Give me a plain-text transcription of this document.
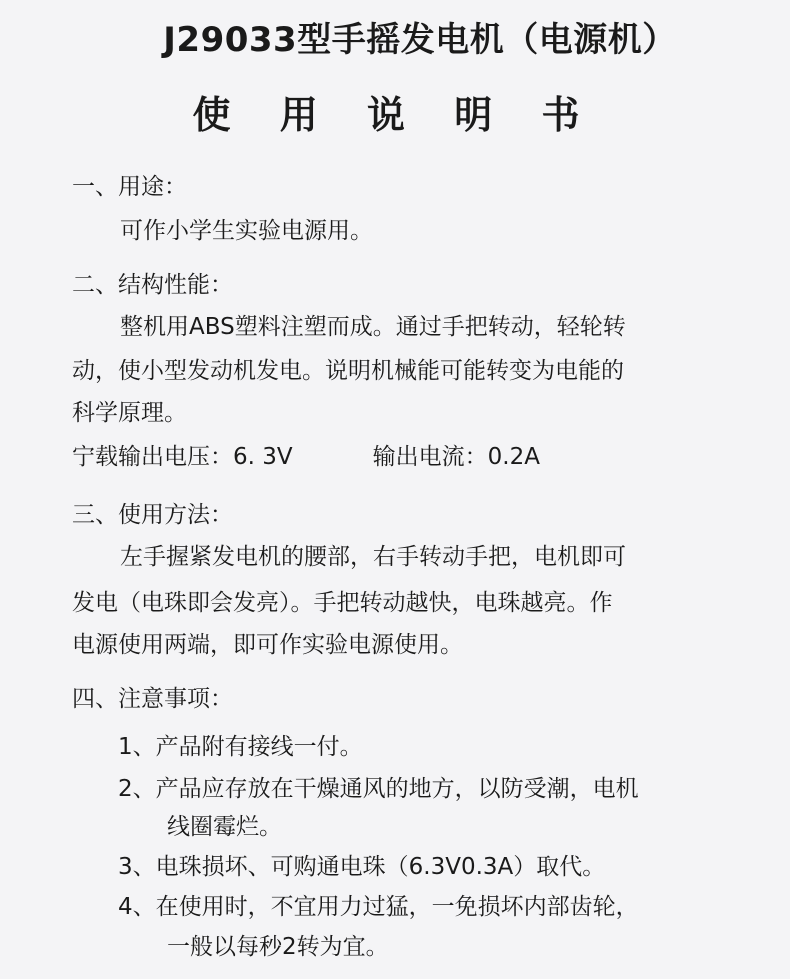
J29033型手摇发电机（电源机）
使 用 说 明 书

一、用途：

可作小学生实验电源用。

二、结构性能：

整机用ABS塑料注塑而成。通过手把转动，轻轮转

动，使小型发动机发电。说明机械能可能转变为电能的

科学原理。

宁载输出电压：6. 3V	输出电流：0.2A

三、使用方法：

左手握紧发电机的腰部，右手转动手把，电机即可

发电（电珠即会发亮）。手把转动越快，电珠越亮。作

电源使用两端，即可作实验电源使用。

四、注意事项：

1、产品附有接线一付。

2、产品应存放在干燥通风的地方，以防受潮，电机

线圈霉烂。

3、电珠损坏、可购通电珠（6.3V0.3A）取代。

4、在使用时，不宜用力过猛，一免损坏内部齿轮，

一般以每秒2转为宜。
